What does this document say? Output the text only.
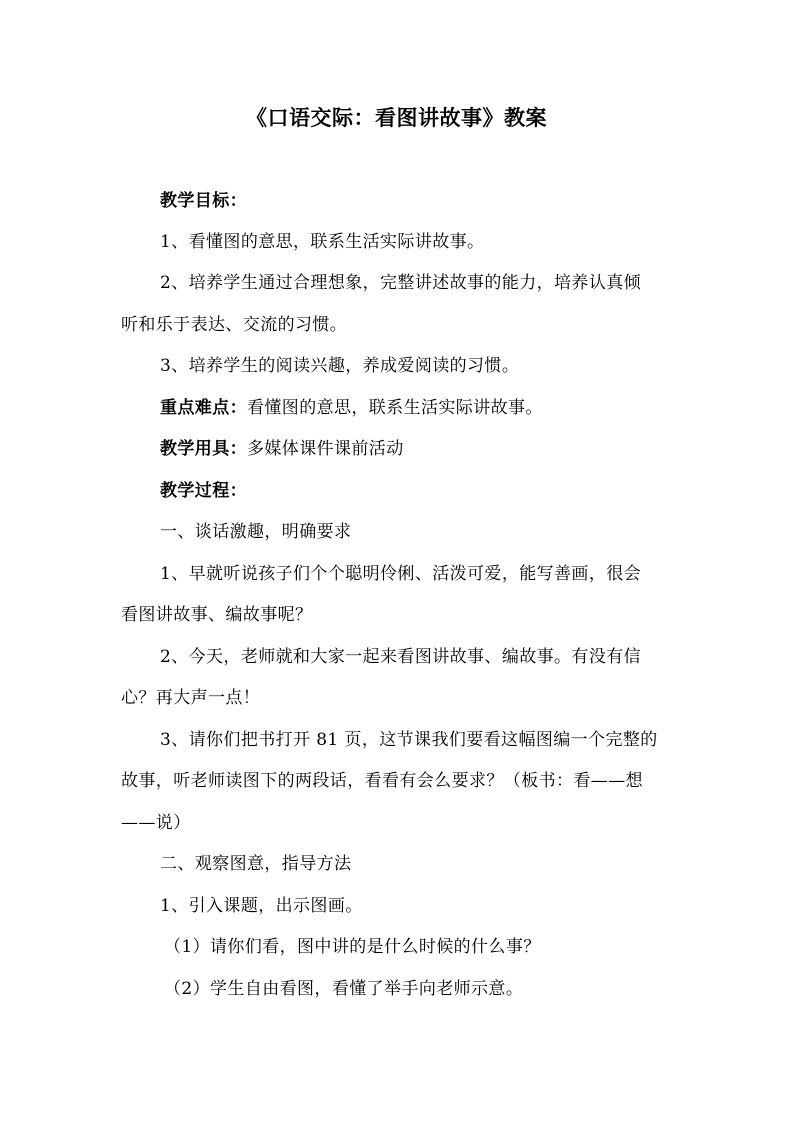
《口语交际：看图讲故事》教案
教学目标：
1、看懂图的意思，联系生活实际讲故事。
2、培养学生通过合理想象，完整讲述故事的能力，培养认真倾
听和乐于表达、交流的习惯。
3、培养学生的阅读兴趣，养成爱阅读的习惯。
重点难点：看懂图的意思，联系生活实际讲故事。
教学用具：多媒体课件课前活动
教学过程：
一、谈话激趣，明确要求
1、早就听说孩子们个个聪明伶俐、活泼可爱，能写善画，很会
看图讲故事、编故事呢？
2、今天，老师就和大家一起来看图讲故事、编故事。有没有信
心？再大声一点！
3、请你们把书打开 81 页，这节课我们要看这幅图编一个完整的
故事，听老师读图下的两段话，看看有会么要求？（板书：看——想
——说）
二、观察图意，指导方法
1、引入课题，出示图画。
（1）请你们看，图中讲的是什么时候的什么事？
（2）学生自由看图，看懂了举手向老师示意。
